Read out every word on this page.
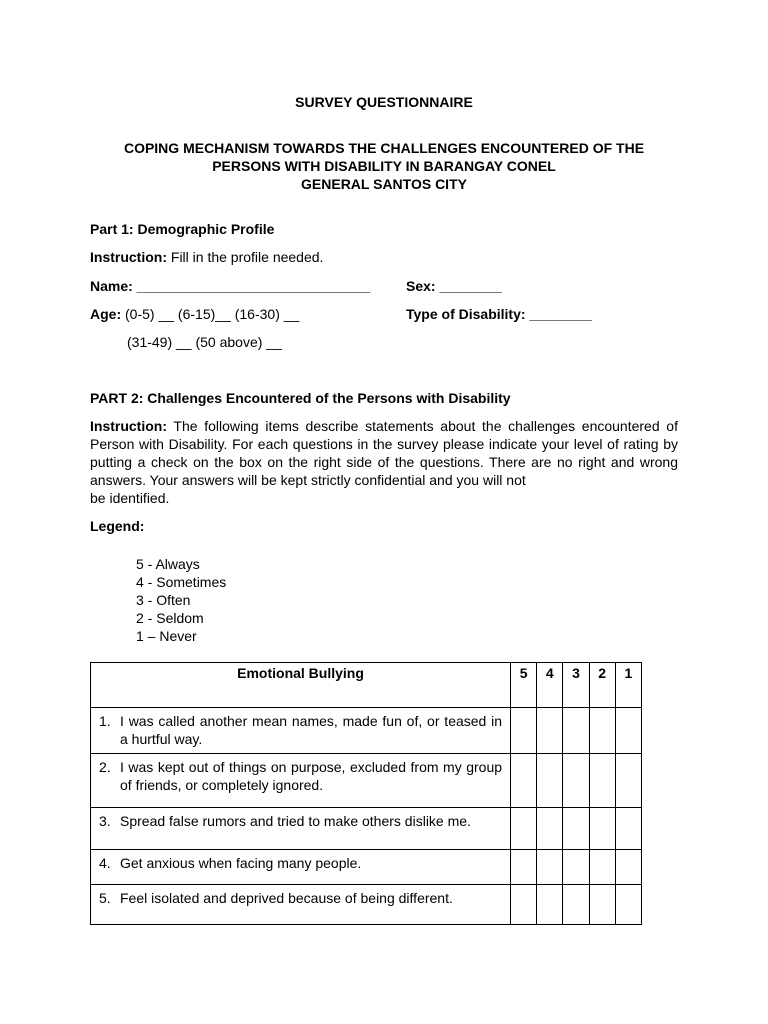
SURVEY QUESTIONNAIRE
COPING MECHANISM TOWARDS THE CHALLENGES ENCOUNTERED OF THE
PERSONS WITH DISABILITY IN BARANGAY CONEL
GENERAL SANTOS CITY
Part 1: Demographic Profile
Instruction: Fill in the profile needed.
Name: ______________________________	Sex: ________
Age: (0-5) __ (6-15)__ (16-30) __	Type of Disability: ________
(31-49) __ (50 above) __
PART 2: Challenges Encountered of the Persons with Disability
Instruction: The following items describe statements about the challenges encountered of Person with Disability. For each questions in the survey please indicate your level of rating by putting a check on the box on the right side of the questions. There are no right and wrong answers. Your answers will be kept strictly confidential and you will not
be identified.
Legend:
5 - Always
4 - Sometimes
3 - Often
2 - Seldom
1 – Never
Emotional Bullying	5	4	3	2	1

1. I was called another mean names, made fun of, or teased in a hurtful way.					

2. I was kept out of things on purpose, excluded from my group of friends, or completely ignored.					

3. Spread false rumors and tried to make others dislike me.					

4. Get anxious when facing many people.					

5. Feel isolated and deprived because of being different.					
